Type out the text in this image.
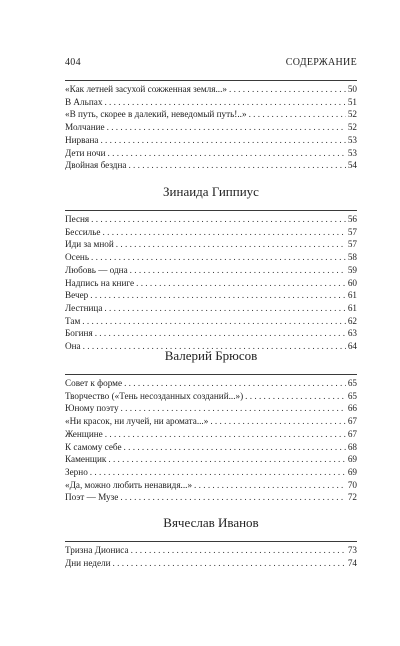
404	СОДЕРЖАНИЕ
«Как летней засухой сожженная земля...» . . .	50
В Альпах . . .	51
«В путь, скорее в далекий, неведомый путь!..» . . .	52
Молчание . . .	52
Нирвана . . .	53
Дети ночи . . .	53
Двойная бездна . . .	54
Зинаида Гиппиус
Песня . . .	56
Бессилье . . .	57
Иди за мной . . .	57
Осень . . .	58
Любовь — одна . . .	59
Надпись на книге . . .	60
Вечер . . .	61
Лестница . . .	61
Там . . .	62
Богиня . . .	63
Она . . .	64
Валерий Брюсов
Совет к форме . . .	65
Творчество («Тень несозданных созданий...») . . .	65
Юному поэту . . .	66
«Ни красок, ни лучей, ни аромата...» . . .	67
Женщине . . .	67
К самому себе . . .	68
Каменщик . . .	69
Зерно . . .	69
«Да, можно любить ненавидя...» . . .	70
Поэт — Музе . . .	72
Вячеслав Иванов
Тризна Диониса . . .	73
Дни недели . . .	74
